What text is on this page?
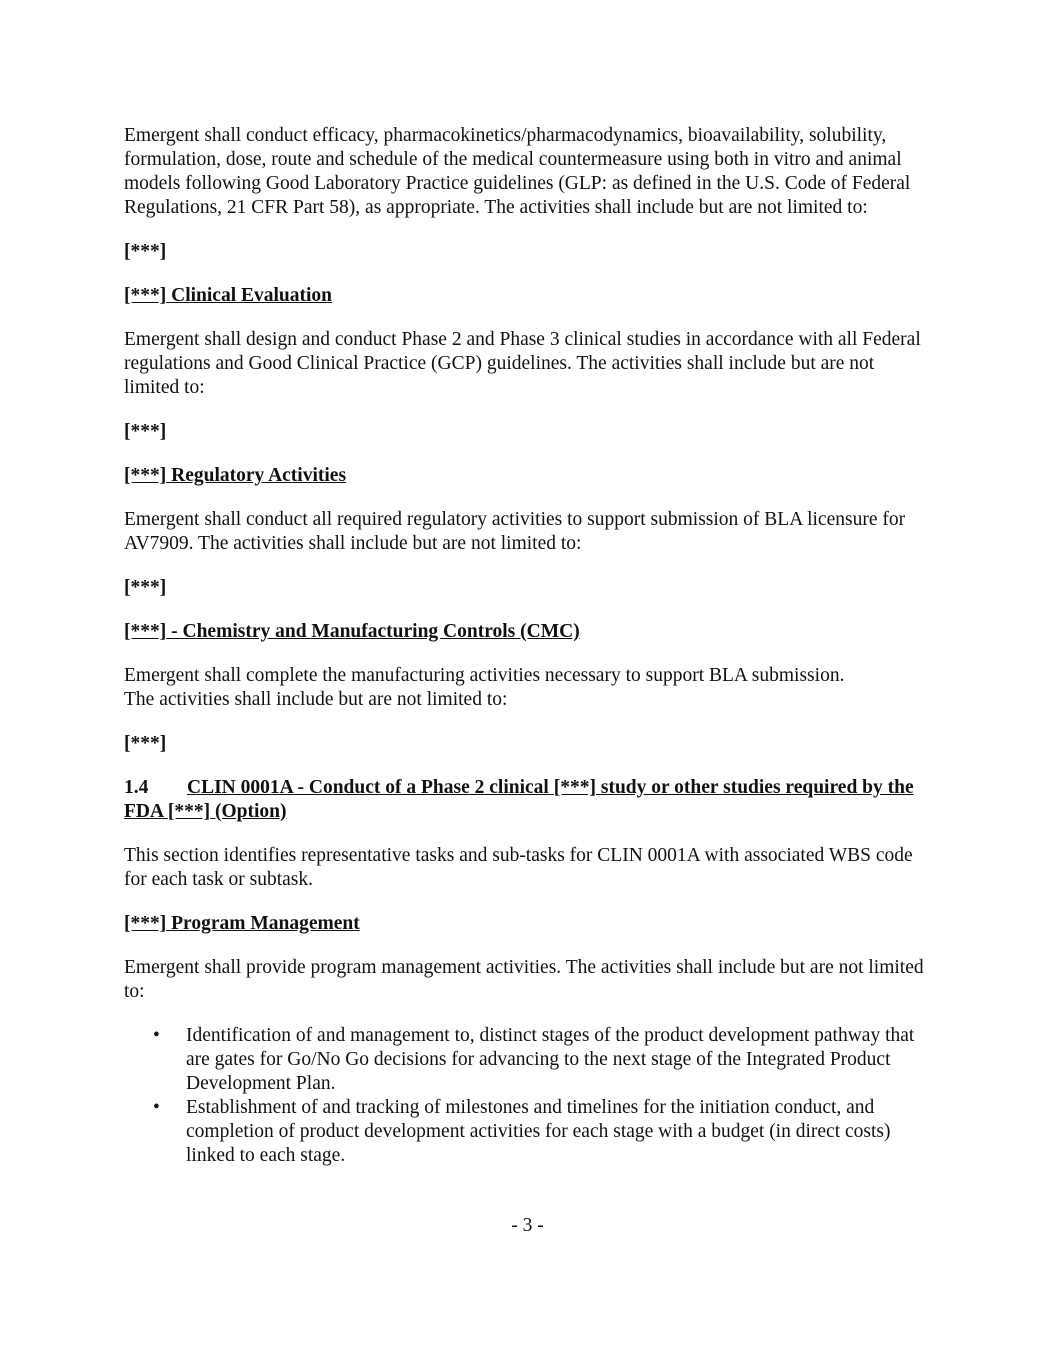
Emergent shall conduct efficacy, pharmacokinetics/pharmacodynamics, bioavailability, solubility, formulation, dose, route and schedule of the medical countermeasure using both in vitro and animal models following Good Laboratory Practice guidelines (GLP: as defined in the U.S. Code of Federal Regulations, 21 CFR Part 58), as appropriate. The activities shall include but are not limited to:

[***]

[***] Clinical Evaluation

Emergent shall design and conduct Phase 2 and Phase 3 clinical studies in accordance with all Federal regulations and Good Clinical Practice (GCP) guidelines. The activities shall include but are not limited to:

[***]

[***] Regulatory Activities

Emergent shall conduct all required regulatory activities to support submission of BLA licensure for AV7909. The activities shall include but are not limited to:

[***]

[***] - Chemistry and Manufacturing Controls (CMC)

Emergent shall complete the manufacturing activities necessary to support BLA submission.
The activities shall include but are not limited to:

[***]

1.4 CLIN 0001A - Conduct of a Phase 2 clinical [***] study or other studies required by the FDA [***] (Option)

This section identifies representative tasks and sub-tasks for CLIN 0001A with associated WBS code for each task or subtask.

[***] Program Management

Emergent shall provide program management activities. The activities shall include but are not limited to:

• Identification of and management to, distinct stages of the product development pathway that are gates for Go/No Go decisions for advancing to the next stage of the Integrated Product Development Plan.
• Establishment of and tracking of milestones and timelines for the initiation conduct, and completion of product development activities for each stage with a budget (in direct costs) linked to each stage.
- 3 -
